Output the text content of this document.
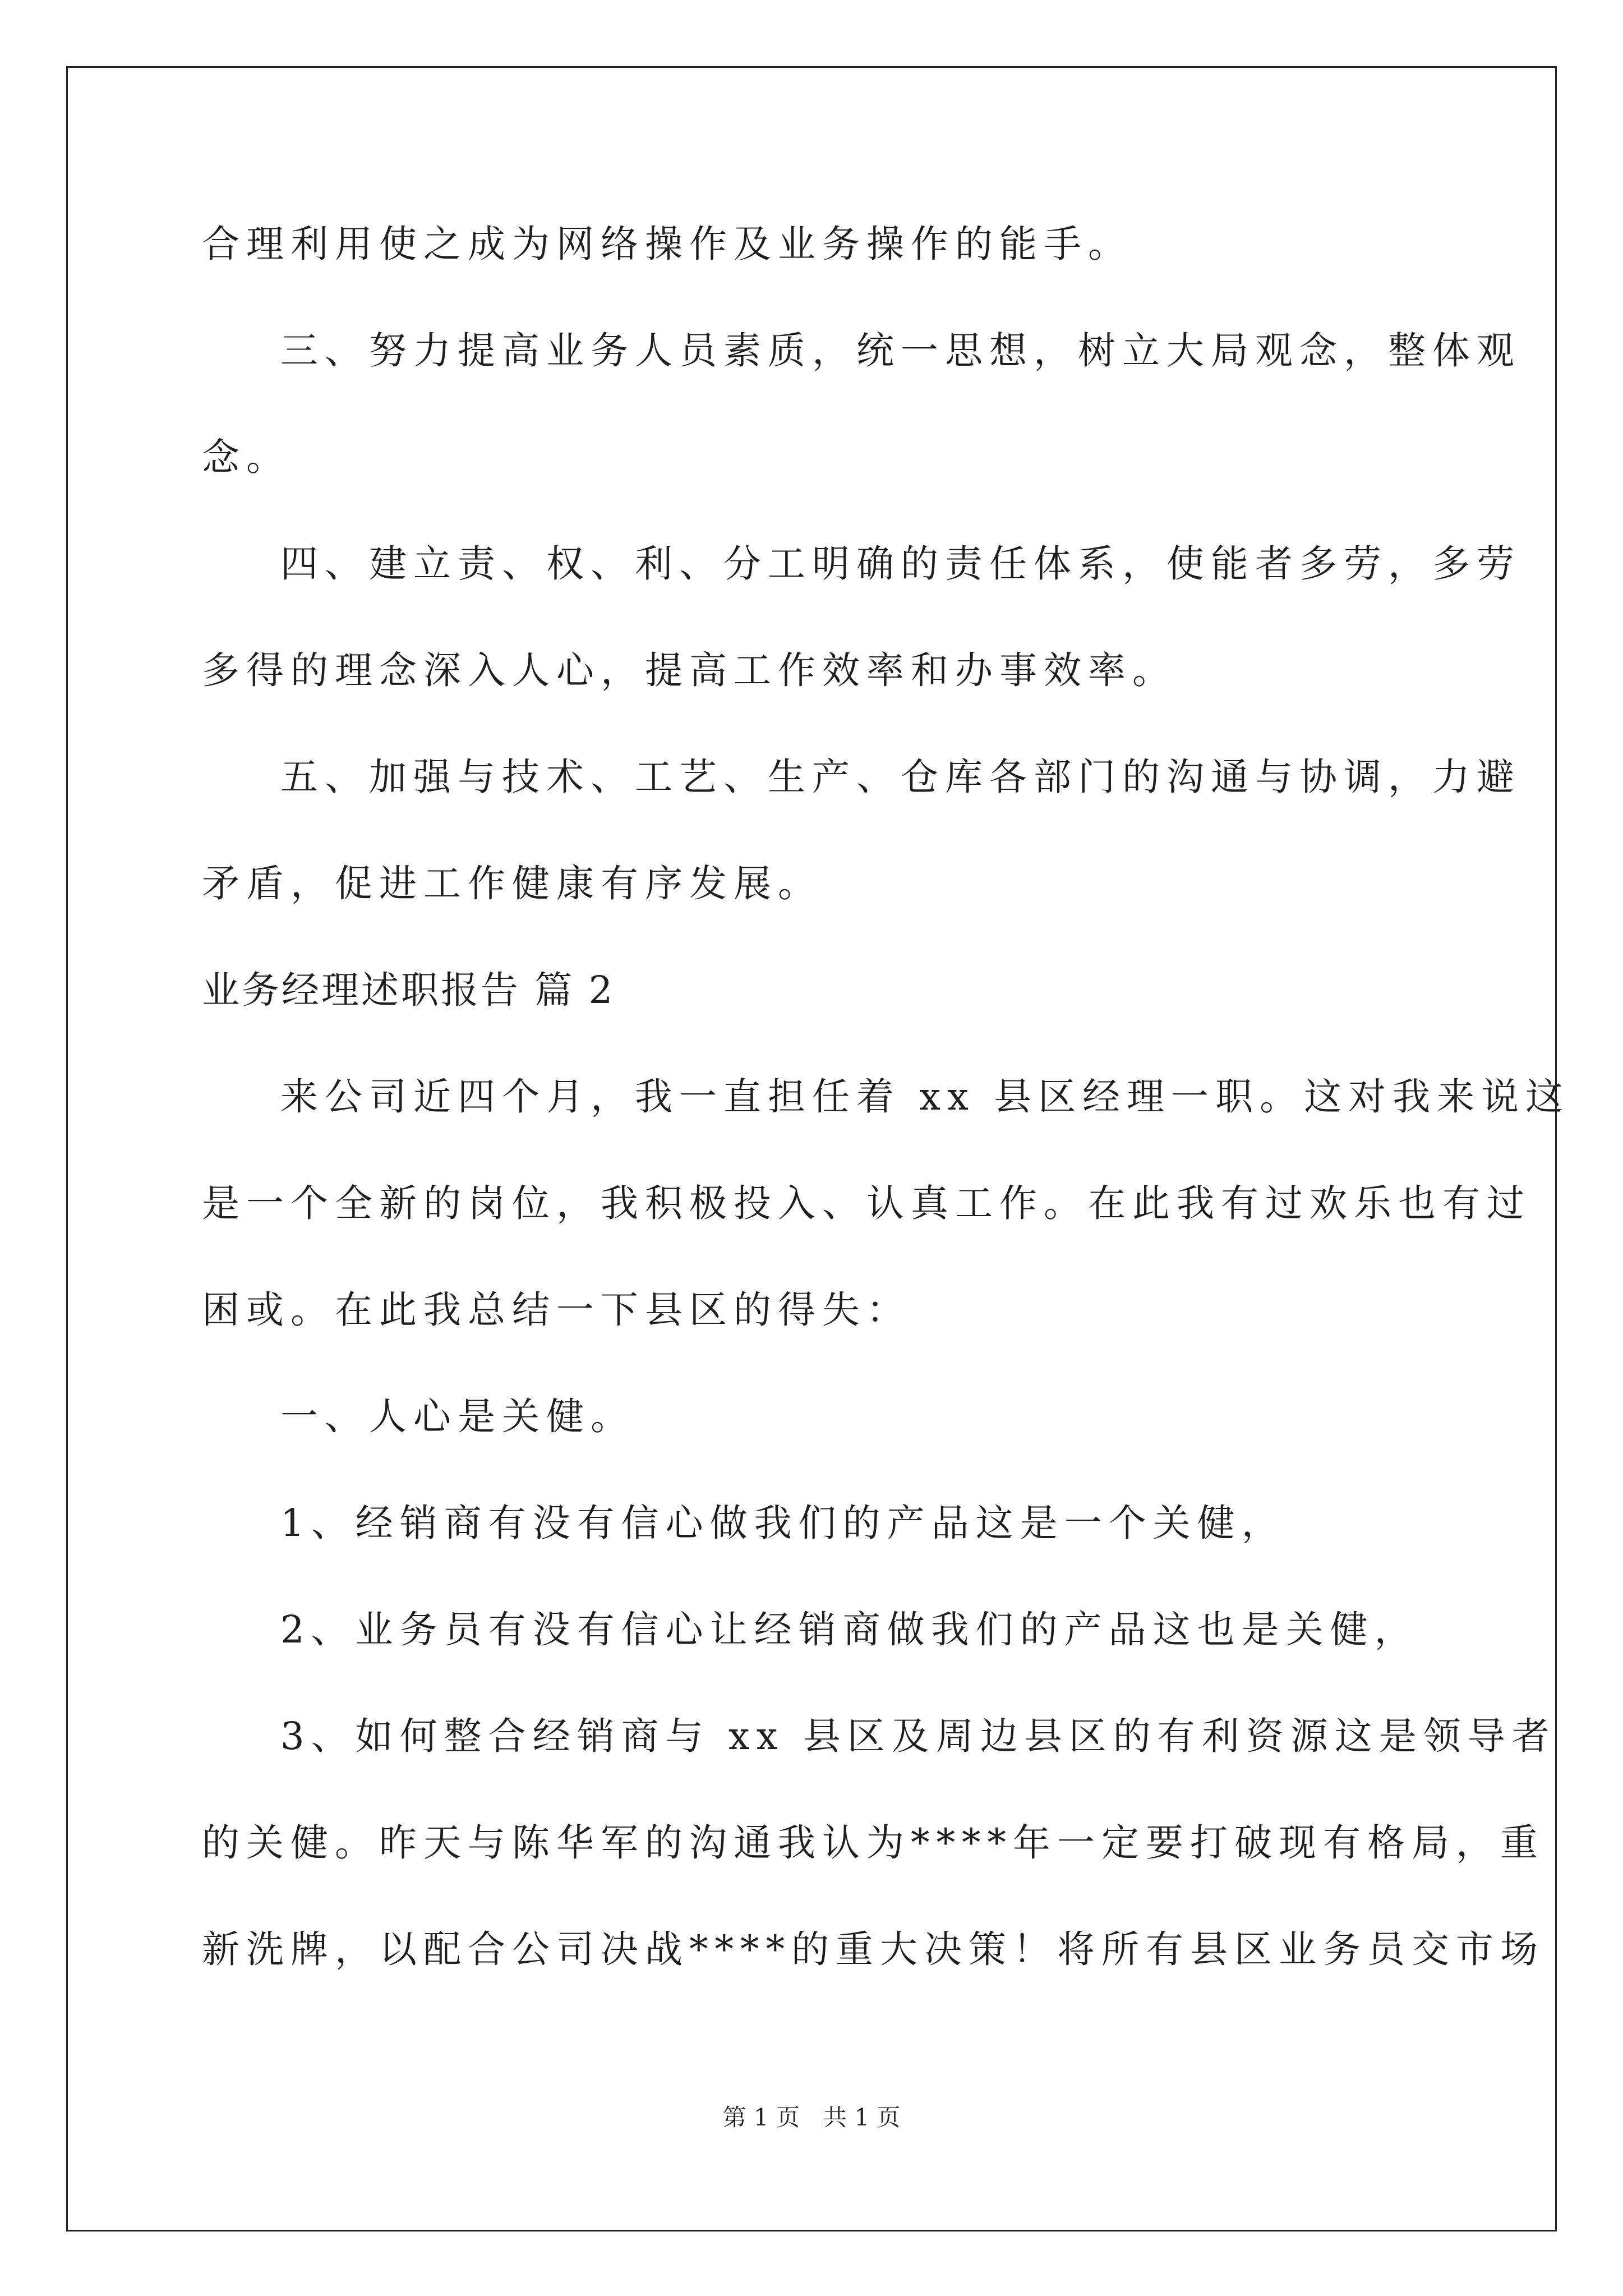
合理利用使之成为网络操作及业务操作的能手。

三、努力提高业务人员素质，统一思想，树立大局观念，整体观

念。

四、建立责、权、利、分工明确的责任体系，使能者多劳，多劳

多得的理念深入人心，提高工作效率和办事效率。

五、加强与技术、工艺、生产、仓库各部门的沟通与协调，力避

矛盾，促进工作健康有序发展。

业务经理述职报告 篇 2

来公司近四个月，我一直担任着 xx 县区经理一职。这对我来说这

是一个全新的岗位，我积极投入、认真工作。在此我有过欢乐也有过

困或。在此我总结一下县区的得失：

一、人心是关健。

1、经销商有没有信心做我们的产品这是一个关健，

2、业务员有没有信心让经销商做我们的产品这也是关健，

3、如何整合经销商与 xx 县区及周边县区的有利资源这是领导者

的关健。昨天与陈华军的沟通我认为****年一定要打破现有格局，重

新洗牌，以配合公司决战****的重大决策！将所有县区业务员交市场

第 1 页　共 1 页
